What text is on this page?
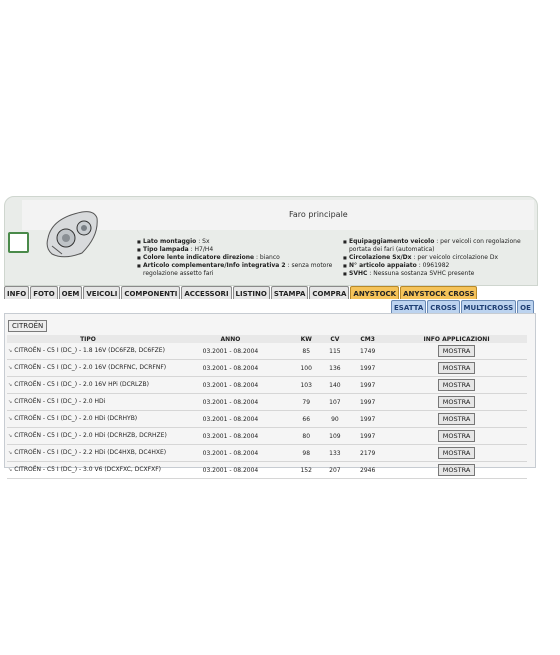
Faro principale

■ Lato montaggio : Sx

■ Tipo lampada : H7/H4

■ Colore lente indicatore direzione : bianco

■ Articolo complementare/Info integrativa 2 : senza motore regolazione assetto fari

■ Equipaggiamento veicolo : per veicoli con regolazione portata dei fari (automatica)

■ Circolazione Sx/Dx : per veicolo circolazione Dx

■ N° articolo appaiato : 0961982

■ SVHC : Nessuna sostanza SVHC presente

INFO	FOTO	OEM	VEICOLI	COMPONENTI	ACCESSORI	LISTINO	STAMPA	COMPRA	ANYSTOCK	ANYSTOCK CROSS
ESATTA	CROSS	MULTICROSS	OE
CITROËN
TIPO	ANNO	KW	CV	CM3	INFO APPLICAZIONI
↘ CITROËN - C5 I (DC_) - 1.8 16V (DC6FZB, DC6FZE)	03.2001 - 08.2004	85	115	1749	MOSTRA
↘ CITROËN - C5 I (DC_) - 2.0 16V (DCRFNC, DCRFNF)	03.2001 - 08.2004	100	136	1997	MOSTRA
↘ CITROËN - C5 I (DC_) - 2.0 16V HPi (DCRLZB)	03.2001 - 08.2004	103	140	1997	MOSTRA
↘ CITROËN - C5 I (DC_) - 2.0 HDi	03.2001 - 08.2004	79	107	1997	MOSTRA
↘ CITROËN - C5 I (DC_) - 2.0 HDi (DCRHYB)	03.2001 - 08.2004	66	90	1997	MOSTRA
↘ CITROËN - C5 I (DC_) - 2.0 HDi (DCRHZB, DCRHZE)	03.2001 - 08.2004	80	109	1997	MOSTRA
↘ CITROËN - C5 I (DC_) - 2.2 HDi (DC4HXB, DC4HXE)	03.2001 - 08.2004	98	133	2179	MOSTRA
↘ CITROËN - C5 I (DC_) - 3.0 V6 (DCXFXC, DCXFXF)	03.2001 - 08.2004	152	207	2946	MOSTRA
